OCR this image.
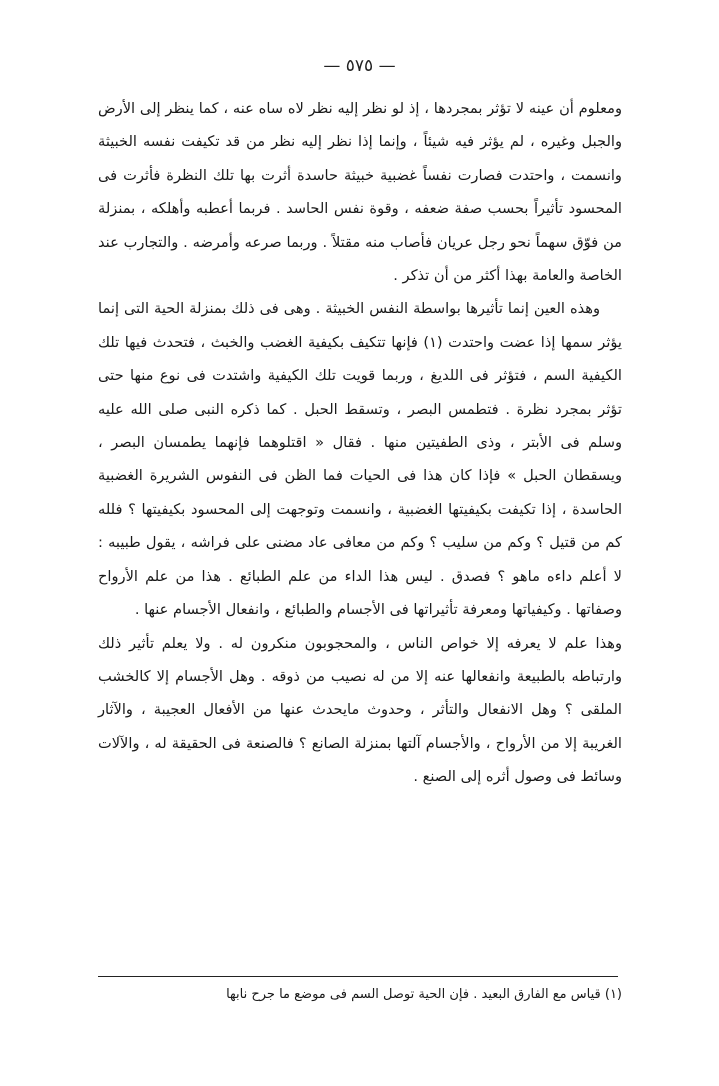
— ٥٧٥ —

ومعلوم أن عينه لا تؤثر بمجردها ، إذ لو نظر إليه نظر لاه ساه عنه ، كما ينظر إلى الأرض والجبل وغيره ، لم يؤثر فيه شيئاً ، وإنما إذا نظر إليه نظر من قد تكيفت نفسه الخبيثة وانسمت ، واحتدت فصارت نفساً غضبية خبيثة حاسدة أثرت بها تلك النظرة فأثرت فى المحسود تأثيراً بحسب صفة ضعفه ، وقوة نفس الحاسد . فربما أعطبه وأهلكه ، بمنزلة من فوّق سهماً نحو رجل عريان فأصاب منه مقتلاً . وربما صرعه وأمرضه . والتجارب عند الخاصة والعامة بهذا أكثر من أن تذكر .

وهذه العين إنما تأثيرها بواسطة النفس الخبيثة . وهى فى ذلك بمنزلة الحية التى إنما يؤثر سمها إذا عضت واحتدت (١) فإنها تتكيف بكيفية الغضب والخبث ، فتحدث فيها تلك الكيفية السم ، فتؤثر فى اللديغ ، وربما قويت تلك الكيفية واشتدت فى نوع منها حتى تؤثر بمجرد نظرة . فتطمس البصر ، وتسقط الحبل . كما ذكره النبى صلى الله عليه وسلم فى الأبتر ، وذى الطفيتين منها . فقال « اقتلوهما فإنهما يطمسان البصر ، ويسقطان الحبل » فإذا كان هذا فى الحيات فما الظن فى النفوس الشريرة الغضبية الحاسدة ، إذا تكيفت بكيفيتها الغضبية ، وانسمت وتوجهت إلى المحسود بكيفيتها ؟ فلله كم من قتيل ؟ وكم من سليب ؟ وكم من معافى عاد مضنى على فراشه ، يقول طبيبه : لا أعلم داءه ماهو ؟ فصدق . ليس هذا الداء من علم الطبائع . هذا من علم الأرواح وصفاتها . وكيفياتها ومعرفة تأثيراتها فى الأجسام والطبائع ، وانفعال الأجسام عنها .

وهذا علم لا يعرفه إلا خواص الناس ، والمحجوبون منكرون له . ولا يعلم تأثير ذلك وارتباطه بالطبيعة وانفعالها عنه إلا من له نصيب من ذوقه . وهل الأجسام إلا كالخشب الملقى ؟ وهل الانفعال والتأثر ، وحدوث مايحدث عنها من الأفعال العجيبة ، والآثار الغريبة إلا من الأرواح ، والأجسام آلتها بمنزلة الصانع ؟ فالصنعة فى الحقيقة له ، والآلات وسائط فى وصول أثره إلى الصنع .

(١) قياس مع الفارق البعيد . فإن الحية توصل السم فى موضع ما جرح نابها
